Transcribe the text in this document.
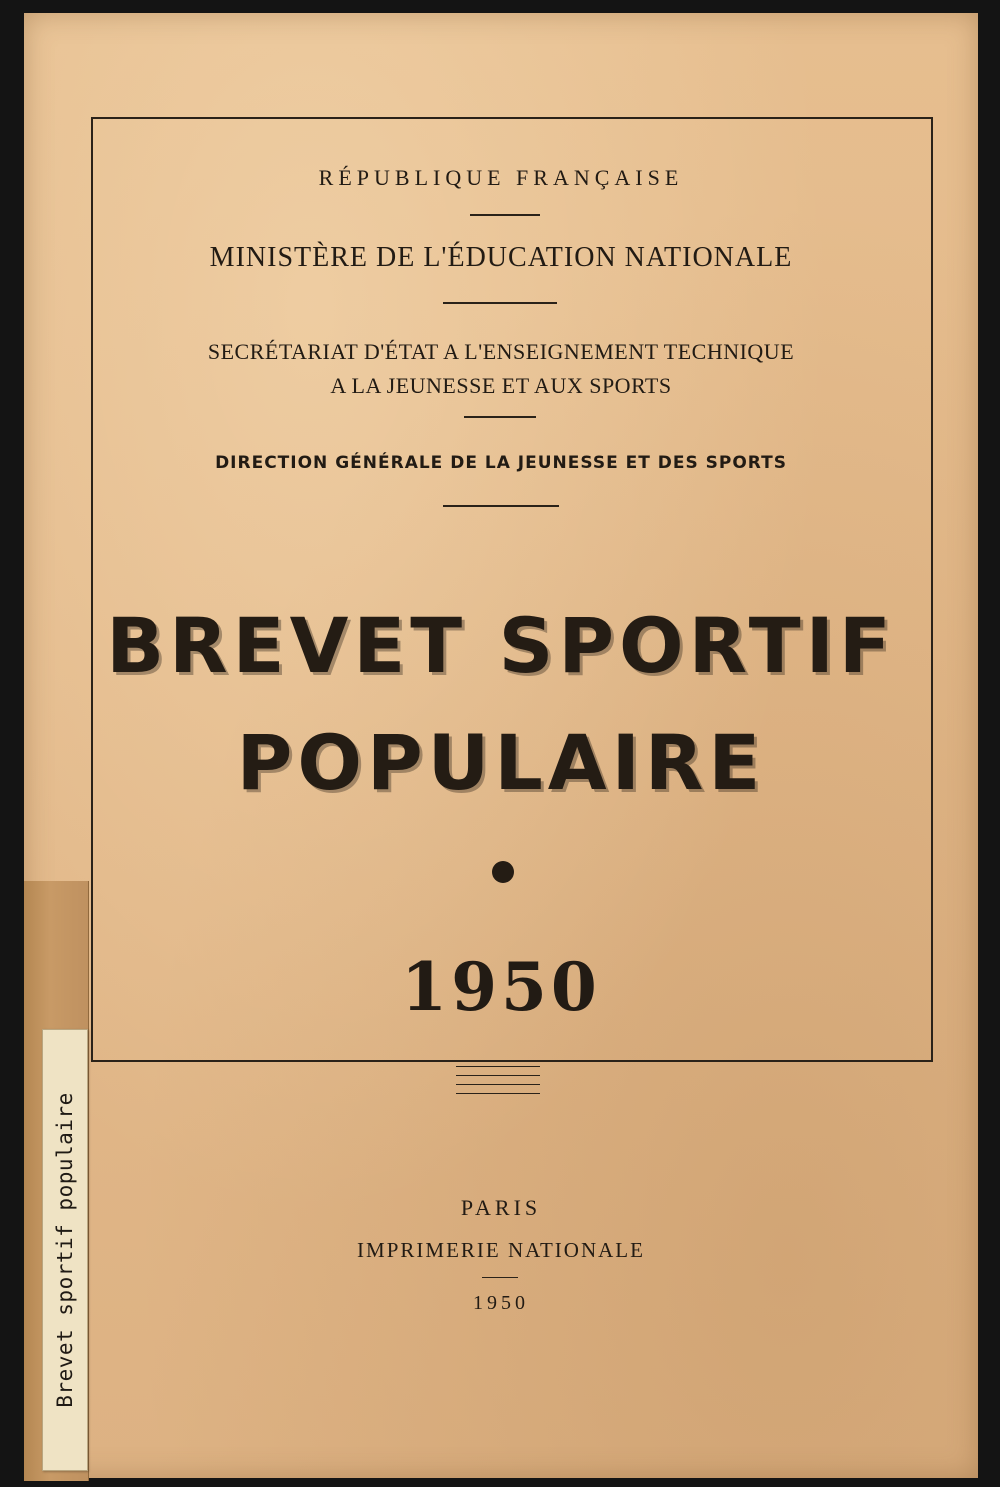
Brevet sportif populaire
RÉPUBLIQUE FRANÇAISE
MINISTÈRE DE L'ÉDUCATION NATIONALE
SECRÉTARIAT D'ÉTAT A L'ENSEIGNEMENT TECHNIQUE
A LA JEUNESSE ET AUX SPORTS
DIRECTION GÉNÉRALE DE LA JEUNESSE ET DES SPORTS
BREVET SPORTIF
POPULAIRE
1950
PARIS
IMPRIMERIE NATIONALE
1950
